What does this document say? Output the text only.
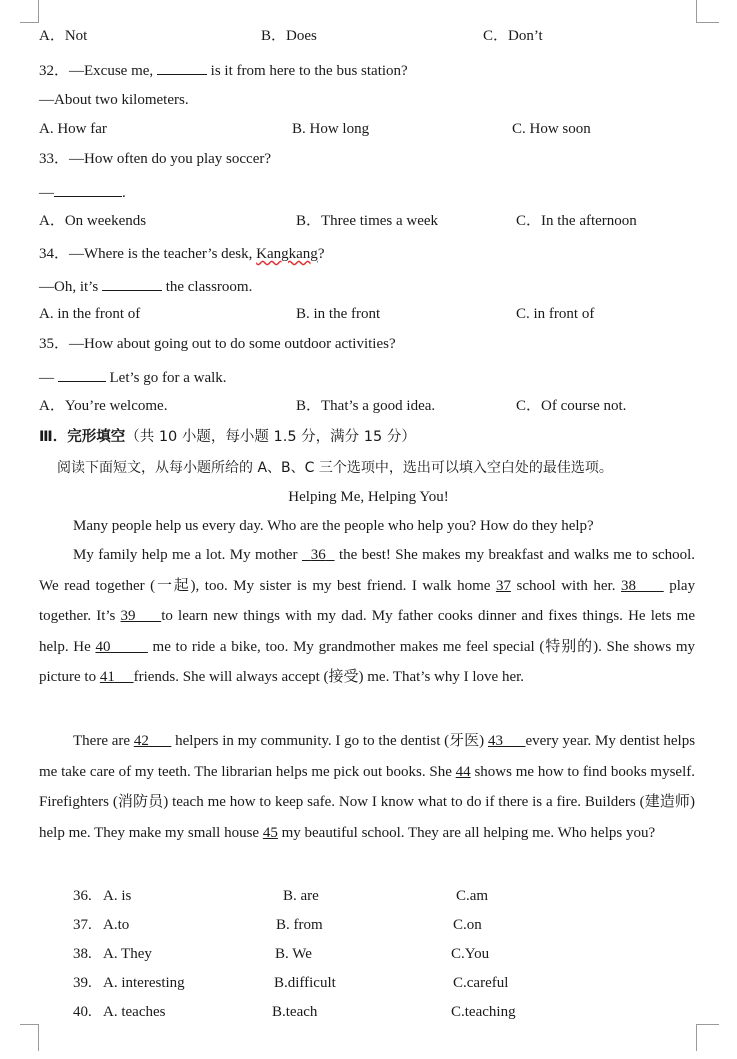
A．Not	B．Does	C．Don’t
32．—Excuse me,	is it from here to the bus station?
—About two kilometers.
A. How far	B. How long	C. How soon
33．—How often do you play soccer?
—	.
A．On weekends	B．Three times a week	C．In the afternoon
34．—Where is the teacher’s desk, Kangkang?
—Oh, it’s	the classroom.
A. in the front of	B. in the front	C. in front of
35．—How about going out to do some outdoor activities?
—	Let’s go for a walk.
A．You’re welcome.	B．That’s a good idea.	C．Of course not.
Ⅲ．完形填空（共 10 小题，每小题 1.5 分，满分 15 分）
阅读下面短文，从每小题所给的 A、B、C 三个选项中，选出可以填入空白处的最佳选项。
Helping Me, Helping You!
Many people help us every day. Who are the people who help you? How do they help?
My family help me a lot. My mother 36 the best! She makes my breakfast and walks me to school. We read together (一起), too. My sister is my best friend. I walk home 37 school with her. 38 play together. It’s 39 to learn new things with my dad. My father cooks dinner and fixes things. He lets me help. He 40	me to ride a bike, too. My grandmother makes me feel special (特别的). She shows my picture to 41 friends. She will always accept (接受) me. That’s why I love her.
There are 42 helpers in my community. I go to the dentist (牙医) 43 every year. My dentist helps me take care of my teeth. The librarian helps me pick out books. She 44 shows me how to find books myself. Firefighters (消防员) teach me how to keep safe. Now I know what to do if there is a fire. Builders (建造师) help me. They make my small house 45 my beautiful school. They are all helping me. Who helps you?
36. A. is	B. are	C.am
37. A.to	B. from	C.on
38. A. They	B. We	C.You
39. A. interesting	B.difficult	C.careful
40. A. teaches	B.teach	C.teaching
